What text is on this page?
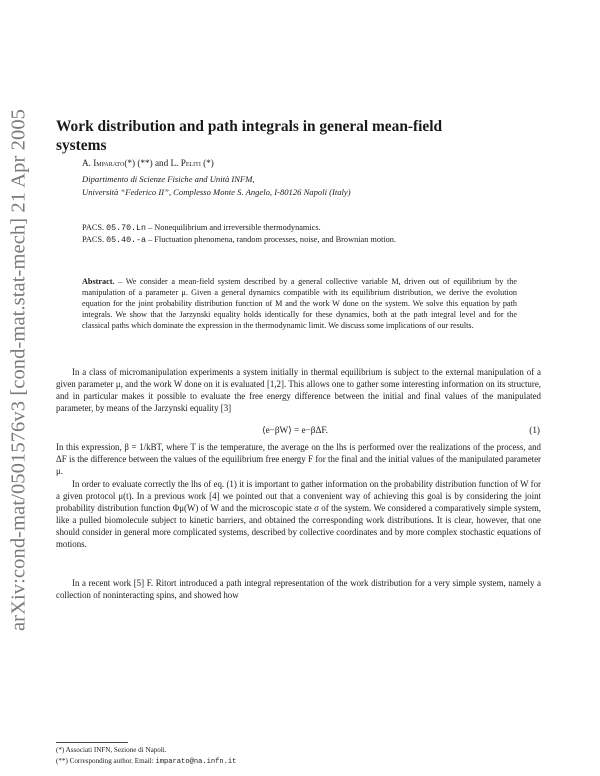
arXiv:cond-mat/0501576v3 [cond-mat.stat-mech] 21 Apr 2005 Work distribution and path integrals in general mean-field systems
A. Imparato(*) (**) and L. Peliti (*)
Dipartimento di Scienze Fisiche and Unità INFM,
Università “Federico II”, Complesso Monte S. Angelo, I-80126 Napoli (Italy)
PACS. 05.70.Ln – Nonequilibrium and irreversible thermodynamics.
PACS. 05.40.-a – Fluctuation phenomena, random processes, noise, and Brownian motion.

Abstract. – We consider a mean-field system described by a general collective variable M, driven out of equilibrium by the manipulation of a parameter μ. Given a general dynamics compatible with its equilibrium distribution, we derive the evolution equation for the joint probability distribution function of M and the work W done on the system. We solve this equation by path integrals. We show that the Jarzynski equality holds identically for these dynamics, both at the path integral level and for the classical paths which dominate the expression in the thermodynamic limit. We discuss some implications of our results.

In a class of micromanipulation experiments a system initially in thermal equilibrium is subject to the external manipulation of a given parameter μ, and the work W done on it is evaluated [1,2]. This allows one to gather some interesting information on its structure, and in particular makes it possible to evaluate the free energy difference between the initial and final values of the manipulated parameter, by means of the Jarzynski equality [3]

⟨e−βW⟩ = e−βΔF.	(1)

In this expression, β = 1/kBT, where T is the temperature, the average on the lhs is performed over the realizations of the process, and ΔF is the difference between the values of the equilibrium free energy F for the final and the initial values of the manipulated parameter μ.

In order to evaluate correctly the lhs of eq. (1) it is important to gather information on the probability distribution function of W for a given protocol μ(t). In a previous work [4] we pointed out that a convenient way of achieving this goal is by considering the joint probability distribution function Φμ(W) of W and the microscopic state σ of the system. We considered a comparatively simple system, like a pulled biomolecule subject to kinetic barriers, and obtained the corresponding work distributions. It is clear, however, that one should consider in general more complicated systems, described by collective coordinates and by more complex stochastic equations of motions.

In a recent work [5] F. Ritort introduced a path integral representation of the work distribution for a very simple system, namely a collection of noninteracting spins, and showed how

(*) Associati INFN, Sezione di Napoli.
(**) Corresponding author. Email: imparato@na.infn.it
